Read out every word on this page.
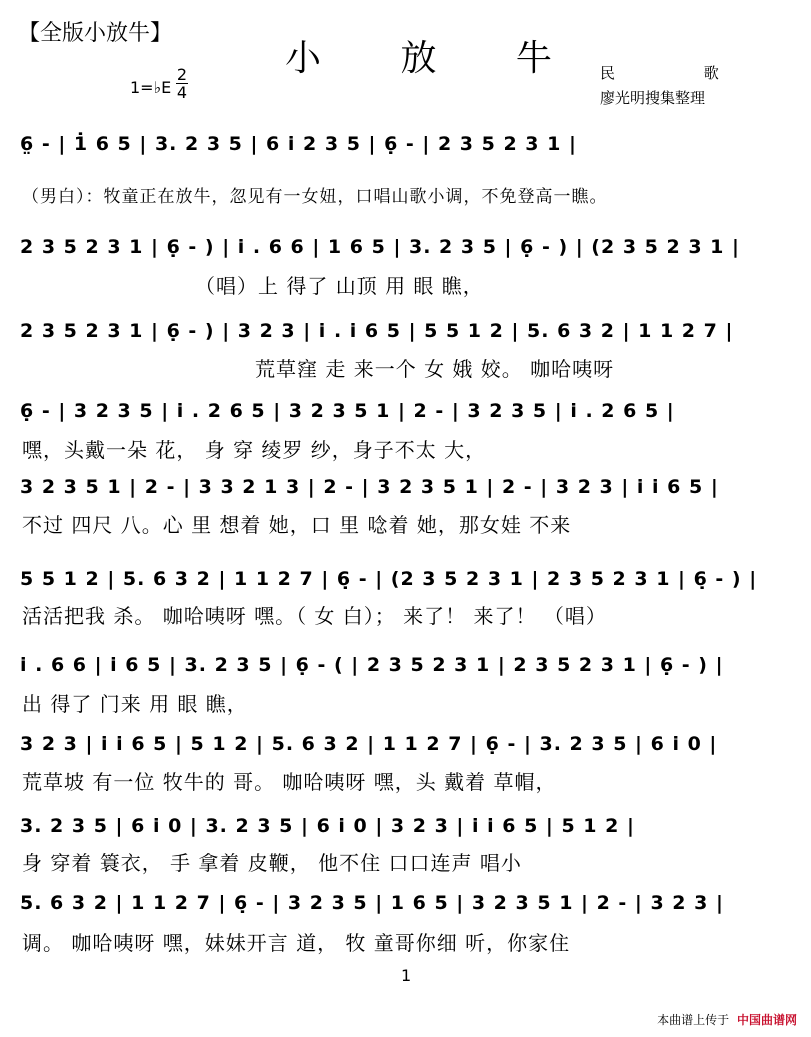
【全版小放牛】
小 放 牛 民 歌
廖光明搜集整理
1=♭E
2
4
6̤ - | 1̇ 6 5 | 3. 2 3 5 | 6 i 2 3 5 | 6̣ - | 2 3 5 2 3 1 |
（男白）：牧童正在放牛，忽见有一女妞，口唱山歌小调，不免登高一瞧。
2 3 5 2 3 1 | 6̣ - ) | i . 6 6 | 1 6 5 | 3. 2 3 5 | 6̣ - ) | (2 3 5 2 3 1 |
（唱）上 得了 山顶 用 眼 瞧，
2 3 5 2 3 1 | 6̣ - ) | 3 2 3 | i . i 6 5 | 5 5 1 2 | 5. 6 3 2 | 1 1 2 7 |
荒草窪 走 来一个 女 娥 姣。 咖哈咦呀
6̣ - | 3 2 3 5 | i . 2 6 5 | 3 2 3 5 1 | 2 - | 3 2 3 5 | i . 2 6 5 |
嘿，头戴一朵 花， 身 穿 绫罗 纱，身子不太 大，
3 2 3 5 1 | 2 - | 3 3 2 1 3 | 2 - | 3 2 3 5 1 | 2 - | 3 2 3 | i i 6 5 |
不过 四尺 八。心 里 想着 她，口 里 唸着 她，那女娃 不来
5 5 1 2 | 5. 6 3 2 | 1 1 2 7 | 6̣ - | (2 3 5 2 3 1 | 2 3 5 2 3 1 | 6̣ - ) |
活活把我 杀。 咖哈咦呀 嘿。（ 女 白）； 来了！ 来了！ （唱）
i . 6 6 | i 6 5 | 3. 2 3 5 | 6̣ - ( | 2 3 5 2 3 1 | 2 3 5 2 3 1 | 6̣ - ) |
出 得了 门来 用 眼 瞧，
3 2 3 | i i 6 5 | 5 1 2 | 5. 6 3 2 | 1 1 2 7 | 6̣ - | 3. 2 3 5 | 6 i 0 |
荒草坡 有一位 牧牛的 哥。 咖哈咦呀 嘿，头 戴着 草帽，
3. 2 3 5 | 6 i 0 | 3. 2 3 5 | 6 i 0 | 3 2 3 | i i 6 5 | 5 1 2 |
身 穿着 簑衣， 手 拿着 皮鞭， 他不住 口口连声 唱小
5. 6 3 2 | 1 1 2 7 | 6̣ - | 3 2 3 5 | 1 6 5 | 3 2 3 5 1 | 2 - | 3 2 3 |
调。 咖哈咦呀 嘿，妹妹开言 道， 牧 童哥你细 听，你家住
1
本曲谱上传于 中国曲谱网
